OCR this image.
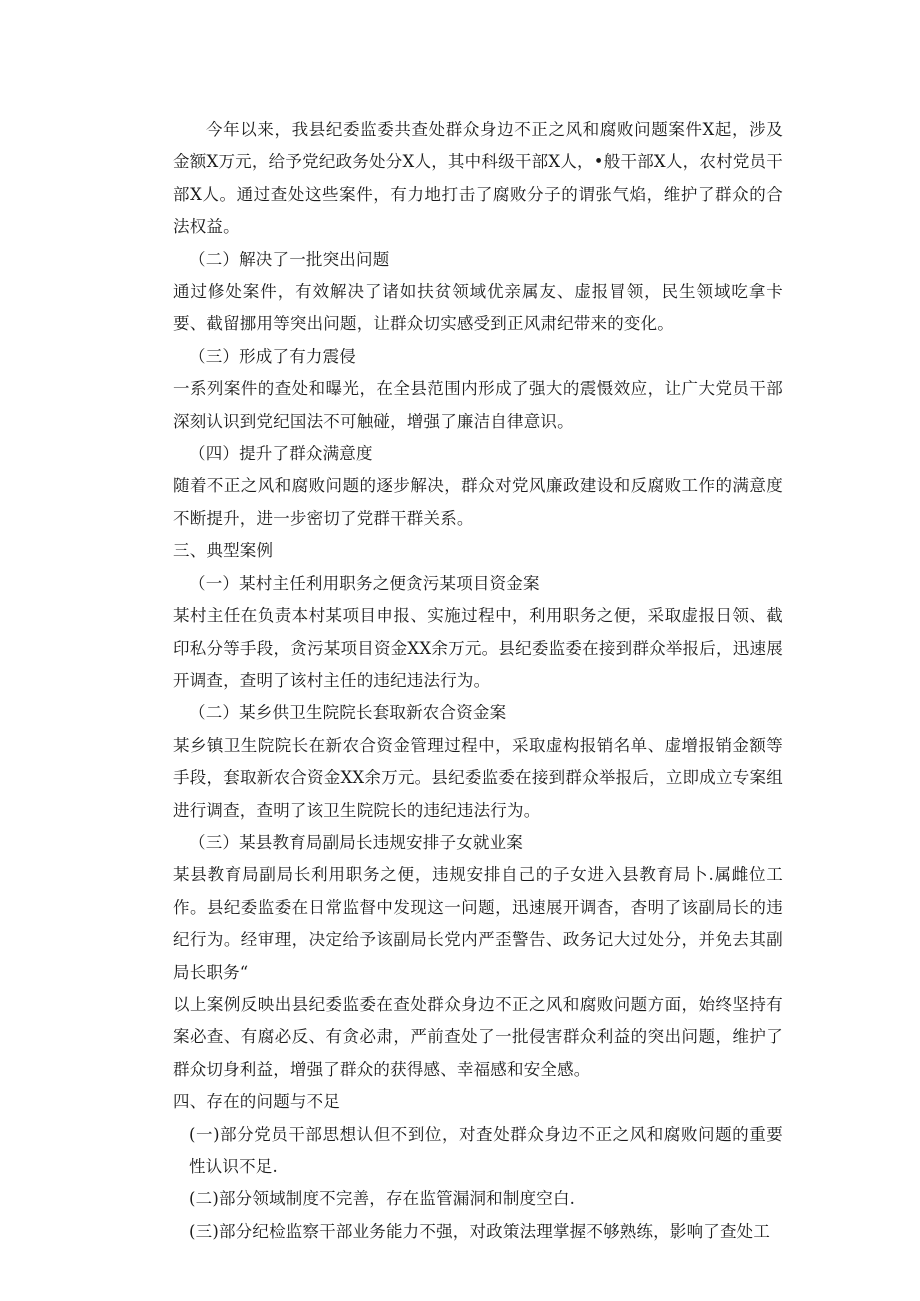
今年以来，我县纪委监委共查处群众身边不正之风和腐败问题案件X起，涉及金额X万元，给予党纪政务处分X人，其中科级干部X人，•般干部X人，农村党员干部X人。通过查处这些案件，有力地打击了腐败分子的谓张气焰，维护了群众的合法权益。

（二）解决了一批突出问题

通过修处案件，有效解决了诸如扶贫领域优亲属友、虚报冒领，民生领域吃拿卡要、截留挪用等突出问题，让群众切实感受到正风肃纪带来的变化。

（三）形成了有力震侵

一系列案件的查处和曝光，在全县范围内形成了强大的震慑效应，让广大党员干部深刻认识到党纪国法不可触碰，增强了廉洁自律意识。

（四）提升了群众满意度

随着不正之风和腐败问题的逐步解决，群众对党风廉政建设和反腐败工作的满意度不断提升，进一步密切了党群干群关系。

三、典型案例

（一）某村主任利用职务之便贪污某项目资金案

某村主任在负责本村某项目申报、实施过程中，利用职务之便，采取虚报日领、截印私分等手段，贪污某项目资金XX余万元。县纪委监委在接到群众举报后，迅速展开调查，查明了该村主任的违纪违法行为。

（二）某乡供卫生院院长套取新农合资金案

某乡镇卫生院院长在新农合资金管理过程中，采取虚构报销名单、虚增报销金额等手段，套取新农合资金XX余万元。县纪委监委在接到群众举报后，立即成立专案组进行调查，查明了该卫生院院长的违纪违法行为。

（三）某县教育局副局长违规安排子女就业案

某县教育局副局长利用职务之便，违规安排自己的子女进入县教育局卜.属雌位工作。县纪委监委在日常监督中发现这一问题，迅速展开调杳，杳明了该副局长的违纪行为。经审理，决定给予该副局长党内严歪警告、政务记大过处分，并免去其副局长职务“

以上案例反映出县纪委监委在查处群众身边不正之风和腐败问题方面，始终坚持有案必查、有腐必反、有贪必肃，严前查处了一批侵害群众利益的突出问题，维护了群众切身利益，增强了群众的获得感、幸福感和安全感。

四、存在的问题与不足

(一)部分党员干部思想认但不到位，对査处群众身边不正之风和腐败问题的重要性认识不足.

(二)部分领域制度不完善，存在监管漏洞和制度空白.

(三)部分纪检监察干部业务能力不强，对政策法理掌握不够熟练，影响了查处工
